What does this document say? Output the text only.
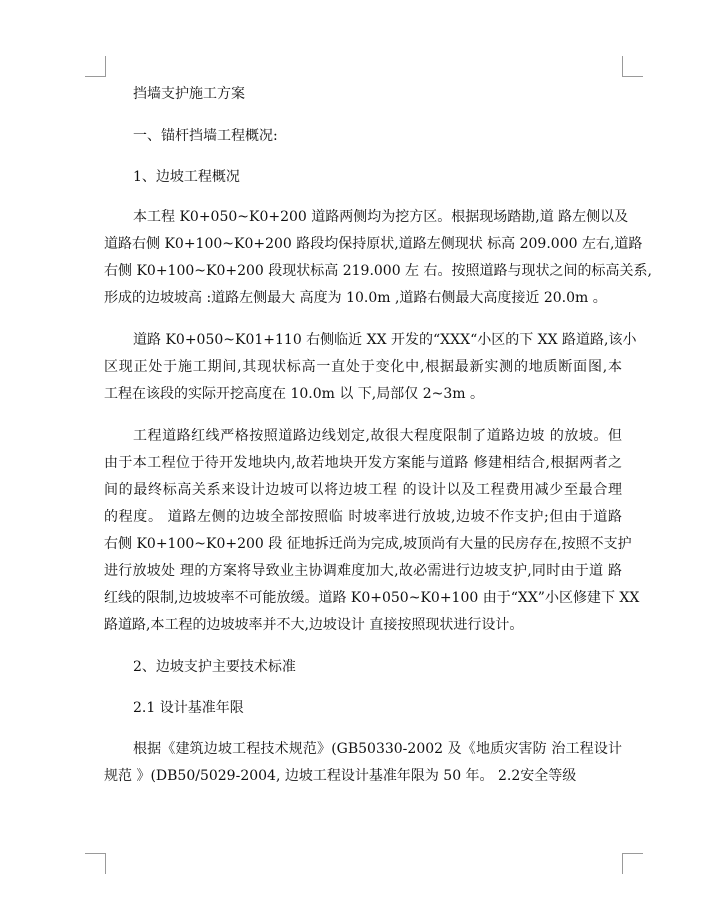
挡墙支护施工方案
一、锚杆挡墙工程概况:
1、边坡工程概况
本工程 K0+050~K0+200 道路两侧均为挖方区。根据现场踏勘,道 路左侧以及
道路右侧 K0+100~K0+200 路段均保持原状,道路左侧现状 标高 209.000 左右,道路
右侧 K0+100~K0+200 段现状标高 219.000 左 右。按照道路与现状之间的标高关系,
形成的边坡坡高 :道路左侧最大 高度为 10.0m ,道路右侧最大高度接近 20.0m 。
道路 K0+050~K01+110 右侧临近 XX 开发的“XXX“小区的下 XX 路道路,该小
区现正处于施工期间,其现状标高一直处于变化中,根据最新实测的地质断面图,本
工程在该段的实际开挖高度在 10.0m 以 下,局部仅 2~3m 。
工程道路红线严格按照道路边线划定,故很大程度限制了道路边坡 的放坡。但
由于本工程位于待开发地块内,故若地块开发方案能与道路 修建相结合,根据两者之
间的最终标高关系来设计边坡可以将边坡工程 的设计以及工程费用减少至最合理
的程度。 道路左侧的边坡全部按照临 时坡率进行放坡,边坡不作支护;但由于道路
右侧 K0+100~K0+200 段 征地拆迁尚为完成,坡顶尚有大量的民房存在,按照不支护
进行放坡处 理的方案将导致业主协调难度加大,故必需进行边坡支护,同时由于道 路
红线的限制,边坡坡率不可能放缓。道路 K0+050~K0+100 由于“XX”小区修建下 XX
路道路,本工程的边坡坡率并不大,边坡设计 直接按照现状进行设计。
2、边坡支护主要技术标准
2.1 设计基准年限
根据《建筑边坡工程技术规范》(GB50330-2002 及《地质灾害防 治工程设计
规范 》(DB50/5029-2004, 边坡工程设计基准年限为 50 年。 2.2安全等级
